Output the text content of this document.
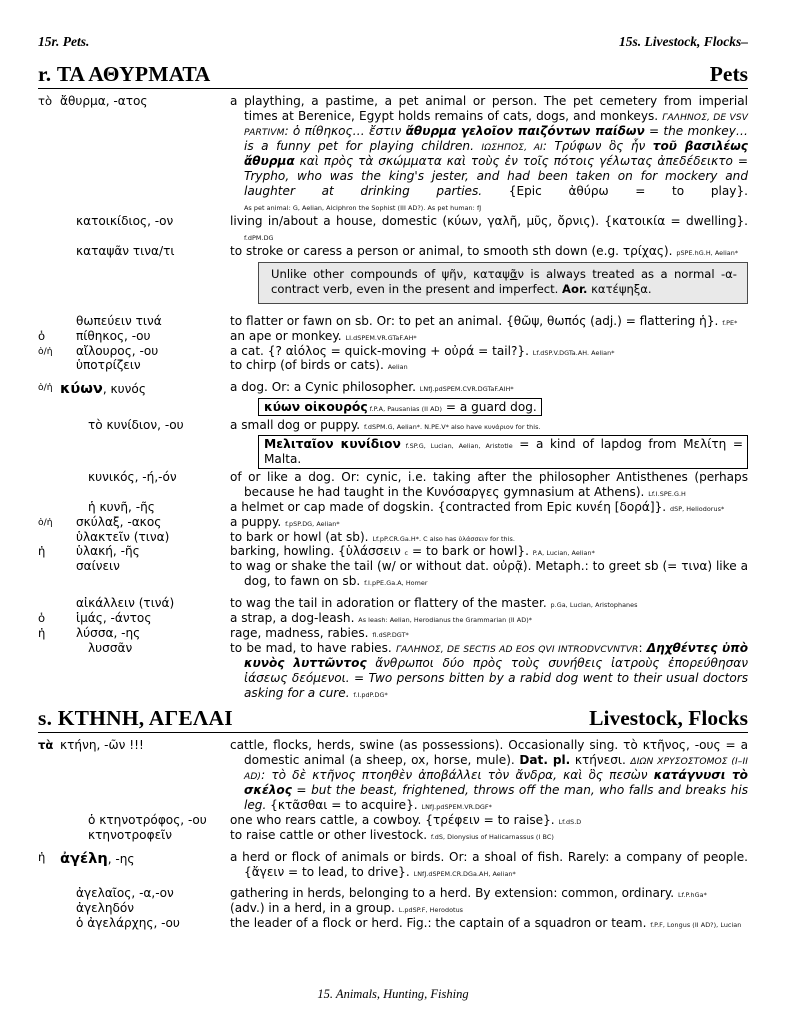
15r. Pets.	15s. Livestock, Flocks–
r. ΤΑ ΑΘΥΡΜΑΤΑ	Pets
τὸ ἄθυρμα, -ατος	a plaything, a pastime, a pet animal or person. The pet cemetery from imperial times at Berenice, Egypt holds remains of cats, dogs, and monkeys. ΓΑΛΗΝΟΣ, DE VSV PARTIVM: ὁ πίθηκος… ἔστιν ἄθυρμα γελοῖον παιζόντων παίδων = the monkey… is a funny pet for playing children. ΙΩΣΗΠΟΣ, AI: Τρύφων ὃς ἦν τοῦ βασιλέως ἄθυρμα καὶ πρὸς τὰ σκώμματα καὶ τοὺς ἐν τοῖς πότοις γέλωτας ἀπεδέδεικτο = Trypho, who was the king's jester, and had been taken on for mockery and laughter at drinking parties. {Epic ἀθύρω = to play}. As pet animal: G, Aelian, Alciphron the Sophist (III AD?). As pet human: fJ
κατοικίδιος, -ον	living in/about a house, domestic (κύων, γαλῆ, μῦς, ὄρνις). {κατοικία = dwelling}. f.dPM.DG
καταψᾶν τινα/τι	to stroke or caress a person or animal, to smooth sth down (e.g. τρίχας). pSPE.hG.H, Aelian*
Unlike other compounds of ψῆν, καταψᾶν is always treated as a normal -α-contract verb, even in the present and imperfect. Aor. κατέψηξα.
θωπεύειν τινά	to flatter or fawn on sb. Or: to pet an animal. {θῶψ, θωπός (adj.) = flattering ἡ}. f.PE*
ὁ	πίθηκος, -ου	an ape or monkey. LI.dSPEM.VR.GTaF.AH*
ὁ/ἡ	αἴλουρος, -ου	a cat. {? αἰόλος = quick-moving + οὐρά = tail?}. Lf.dSP.V.DGTa.AH. Aelian*
ὑποτρίζειν	to chirp (of birds or cats). Aelian
ὁ/ἡ κύων, κυνός	a dog. Or: a Cynic philosopher. LNfJ.pdSPEM.CVR.DGTaF.AIH*
κύων οἰκουρός f.P.A, Pausanias (II AD) = a guard dog.
τὸ κυνίδιον, -ου	a small dog or puppy. f.dSPM.G, Aelian*. N.PE.V* also have κυνάριον for this.
Μελιταῖον κυνίδιον f.SP.G, Lucian, Aelian, Aristotle = a kind of lapdog from Μελίτη = Malta.
κυνικός, -ή,-όν	of or like a dog. Or: cynic, i.e. taking after the philosopher Antisthenes (perhaps because he had taught in the Κυνόσαργες gymnasium at Athens). Lf.I.SPE.G.H
ἡ κυνῆ, -ῆς	a helmet or cap made of dogskin. {contracted from Epic κυνέη [δορά]}. dSP, Heliodorus*
ὁ/ἡ	σκύλαξ, -ακος	a puppy. f.pSP.DG, Aelian*
ὑλακτεῖν (τινα)	to bark or howl (at sb). Lf.pP.CR.Ga.H*. C also has ὑλάσσειν for this.
ἡ	ὑλακή, -ῆς	barking, howling. {ὑλάσσειν c = to bark or howl}. P.A, Lucian, Aelian*
σαίνειν	to wag or shake the tail (w/ or without dat. οὐρᾷ). Metaph.: to greet sb (= τινα) like a dog, to fawn on sb. f.I.pPE.Ga.A, Homer
αἰκάλλειν (τινά)	to wag the tail in adoration or flattery of the master. p.Ga, Lucian, Aristophanes
ὁ	ἱμάς, -άντος	a strap, a dog-leash. As leash: Aelian, Herodianus the Grammarian (II AD)*
ἡ	λύσσα, -ης	rage, madness, rabies. fI.dSP.DGT*
λυσσᾶν	to be mad, to have rabies. ΓΑΛΗΝΟΣ, DE SECTIS AD EOS QVI INTRODVCVNTVR: Δηχθέντες ὑπὸ κυνὸς λυττῶντος ἄνθρωποι δύο πρὸς τοὺς συνήθεις ἰατροὺς ἐπορεύθησαν ἰάσεως δεόμενοι. = Two persons bitten by a rabid dog went to their usual doctors asking for a cure. f.I.pdP.DG*
s. ΚΤΗΝΗ, ΑΓΕΛΑΙ	Livestock, Flocks
τὰ κτήνη, -ῶν !!!	cattle, flocks, herds, swine (as possessions). Occasionally sing. τὸ κτῆνος, -ους = a domestic animal (a sheep, ox, horse, mule). Dat. pl. κτήνεσι. ΔΙΩΝ ΧΡΥΣΟΣΤΟΜΟΣ (I–II AD): τὸ δὲ κτῆνος πτοηθὲν ἀποβάλλει τὸν ἄνδρα, καὶ ὃς πεσὼν κατάγνυσι τὸ σκέλος = but the beast, frightened, throws off the man, who falls and breaks his leg. {κτᾶσθαι = to acquire}. LNfJ.pdSPEM.VR.DGF*
ὁ κτηνοτρόφος, -ου	one who rears cattle, a cowboy. {τρέφειν = to raise}. Lf.dS.D
κτηνοτροφεῖν	to raise cattle or other livestock. f.dS, Dionysius of Halicarnassus (I BC)
ἡ	ἀγέλη, -ης	a herd or flock of animals or birds. Or: a shoal of fish. Rarely: a company of people. {ἄγειν = to lead, to drive}. LNfJ.dSPEM.CR.DGa.AH, Aelian*
ἀγελαῖος, -α,-ον	gathering in herds, belonging to a herd. By extension: common, ordinary. Lf.P.hGa*
ἀγεληδόν	(adv.) in a herd, in a group. L.pdSP.F, Herodotus
ὁ ἀγελάρχης, -ου	the leader of a flock or herd. Fig.: the captain of a squadron or team. f.P.F, Longus (II AD?), Lucian
15. Animals, Hunting, Fishing
